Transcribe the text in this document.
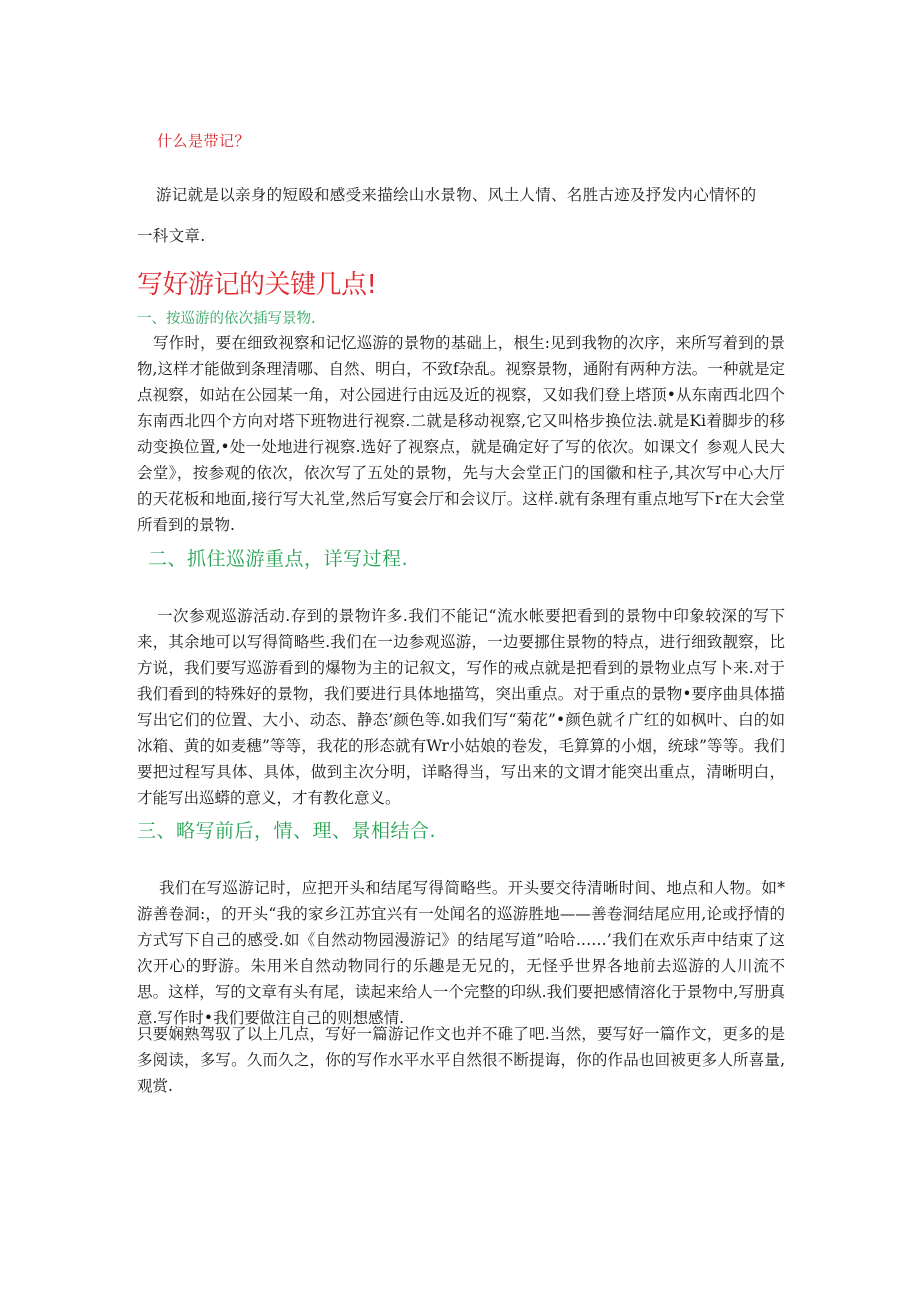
什么是带记？
游记就是以亲身的短殴和感受来描绘山水景物、风土人情、名胜古迹及抒发内心情怀的
一科文章.
写好游记的关键几点!
一、按巡游的依次插写景物.
写作时，要在细致视察和记忆巡游的景物的基础上，根生:见到我物的次序，来所写着到的景物,这样才能做到条理清哪、自然、明白，不致f杂乱。视察景物，通附有两种方法。一种就是定点视察，如站在公园某一角，对公园进行由远及近的视察，又如我们登上塔顶•从东南西北四个东南西北四个方向对塔下班物进行视察.二就是移动视察,它又叫格步换位法.就是Ki着脚步的移动变换位置,•处一处地进行视察.选好了视察点，就是确定好了写的依次。如课文亻参观人民大会堂》，按参观的依次，依次写了五处的景物，先与大会堂正门的国徽和柱子,其次写中心大厅的天花板和地面,接行写大礼堂,然后写宴会厅和会议厅。这样.就有条理有重点地写下r在大会堂所看到的景物.
二、抓住巡游重点，详写过程.
一次参观巡游活动.存到的景物许多.我们不能记“流水帐要把看到的景物中印象较深的写下来，其余地可以写得简略些.我们在一边参观巡游，一边要挪住景物的特点，进行细致靓察，比方说，我们要写巡游看到的爆物为主的记叙文，写作的戒点就是把看到的景物业点写卜来.对于我们看到的特殊好的景物，我们要进行具体地描笃，突出重点。对于重点的景物•要序曲具体描写出它们的位置、大小、动态、静态’颜色等.如我们写“菊花”•颜色就彳广红的如枫叶、白的如冰箱、黄的如麦穗”等等，我花的形态就有Wr小姑娘的卷发，毛算算的小烟，统球”等等。我们要把过程写具体、具体，做到主次分明，详略得当，写出来的文谓才能突出重点，清晰明白，才能写出巡蟒的意义，才有教化意义。
三、略写前后，情、理、景相结合.
我们在写巡游记时，应把开头和结尾写得简略些。开头要交待清晰时间、地点和人物。如*游善卷洞:，的开头“我的家乡江苏宜兴有一处闻名的巡游胜地——善卷洞结尾应用,论或抒情的方式写下自己的感受.如《自然动物园漫游记》的结尾写道”哈哈……’我们在欢乐声中结束了这次开心的野游。朱用米自然动物同行的乐趣是无兄的，无怪乎世界各地前去巡游的人川流不思。这样，写的文章有头有尾，读起来给人一个完整的印纵.我们要把感情溶化于景物中,写册真意.写作时•我们要做注自己的则想感情.
只要娴熟驾驭了以上几点，写好一篇游记作文也并不碓了吧.当然，要写好一篇作文，更多的是多阅读，多写。久而久之，你的写作水平水平自然很不断提诲，你的作品也回被更多人所喜量,观赏.
